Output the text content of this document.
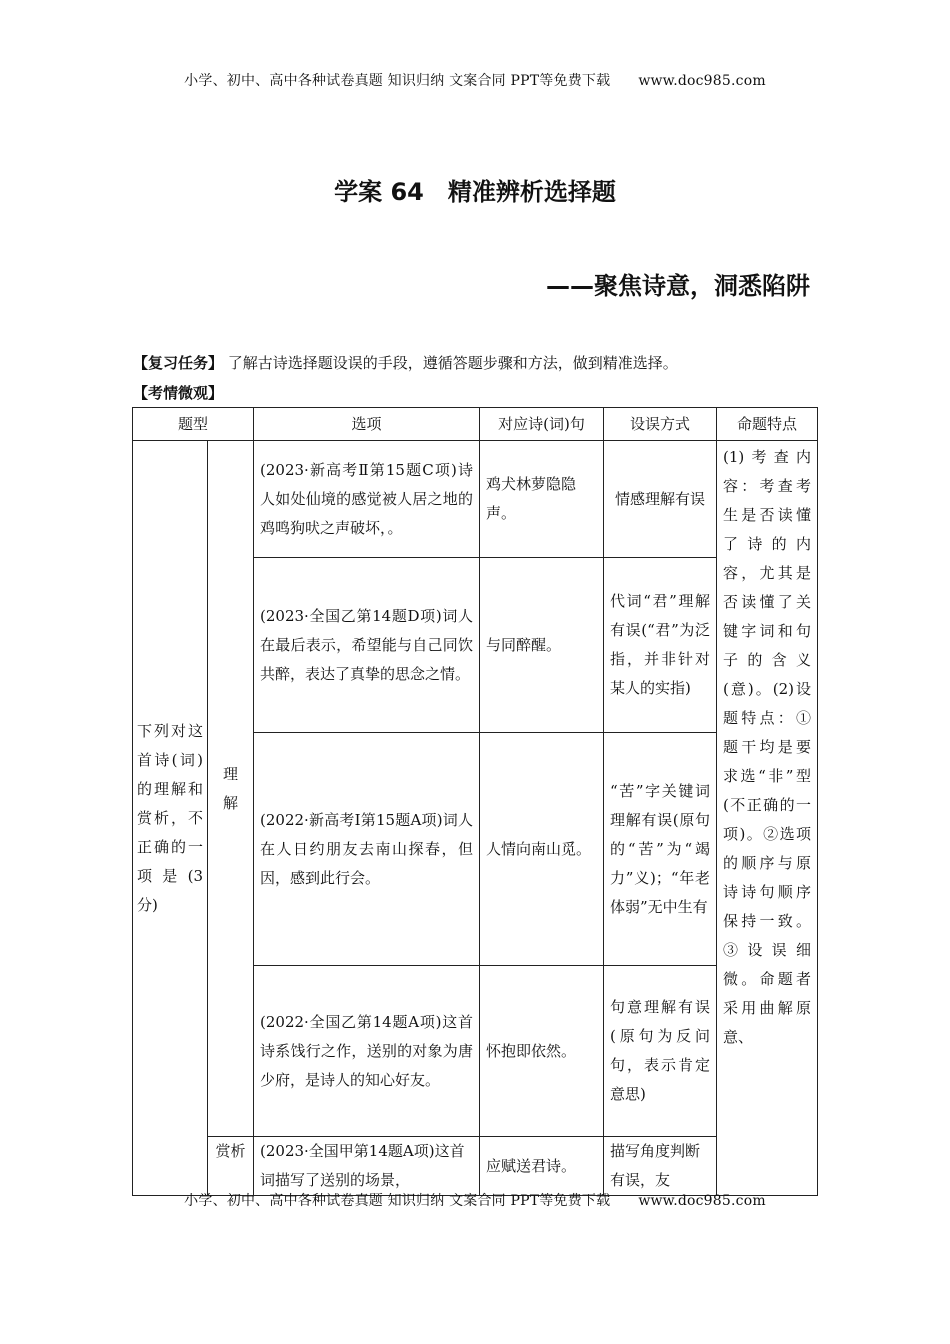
小学、初中、高中各种试卷真题 知识归纳 文案合同 PPT等免费下载 www.doc985.com
学案 64　精准辨析选择题
——聚焦诗意，洞悉陷阱
【复习任务】 了解古诗选择题设误的手段，遵循答题步骤和方法，做到精准选择。
【考情微观】
题型		选项	对应诗(词)句	设误方式	命题特点
下列对这首诗(词)的理解和赏析，不正确的一项是(3分)	理解	(2023·新高考Ⅱ第15题C项)诗人如处仙境的感觉被人居之地的鸡鸣狗吠之声破坏，。	鸡犬林萝隐隐声。	情感理解有误	(1)考查内容：考查考生是否读懂了诗的内容，尤其是否读懂了关键字词和句子的含义(意)。(2)设题特点：①题干均是要求选“非”型(不正确的一项)。②选项的顺序与原诗诗句顺序保持一致。③设误细微。命题者采用曲解原意、
		(2023·全国乙第14题D项)词人在最后表示，希望能与自己同饮共醉，表达了真挚的思念之情。	与同醉醒。	代词“君”理解有误(“君”为泛指，并非针对某人的实指)	
		(2022·新高考Ⅰ第15题A项)词人在人日约朋友去南山探春，但因，感到此行会。	人情向南山觅。	“苦”字关键词理解有误(原句的“苦”为“竭力”义)；“年老体弱”无中生有	
		(2022·全国乙第14题A项)这首诗系饯行之作，送别的对象为唐少府，是诗人的知心好友。	怀抱即依然。	句意理解有误(原句为反问句，表示肯定意思)	
	赏析	(2023·全国甲第14题A项)这首词描写了送别的场景，	应赋送君诗。	描写角度判断有误，友	
小学、初中、高中各种试卷真题 知识归纳 文案合同 PPT等免费下载 www.doc985.com
